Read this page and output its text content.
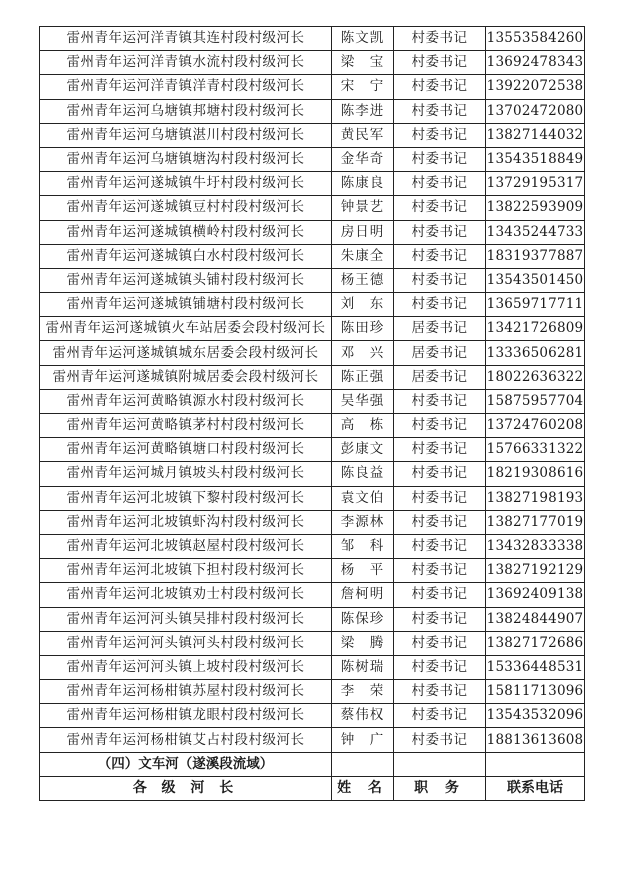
雷州青年运河洋青镇其连村段村级河长	陈文凯	村委书记	13553584260
雷州青年运河洋青镇水流村段村级河长	梁　宝	村委书记	13692478343
雷州青年运河洋青镇洋青村段村级河长	宋　宁	村委书记	13922072538
雷州青年运河乌塘镇邦塘村段村级河长	陈李进	村委书记	13702472080
雷州青年运河乌塘镇湛川村段村级河长	黄民军	村委书记	13827144032
雷州青年运河乌塘镇塘沟村段村级河长	金华奇	村委书记	13543518849
雷州青年运河遂城镇牛圩村段村级河长	陈康良	村委书记	13729195317
雷州青年运河遂城镇豆村村段村级河长	钟景艺	村委书记	13822593909
雷州青年运河遂城镇横岭村段村级河长	房日明	村委书记	13435244733
雷州青年运河遂城镇白水村段村级河长	朱康全	村委书记	18319377887
雷州青年运河遂城镇头铺村段村级河长	杨王德	村委书记	13543501450
雷州青年运河遂城镇铺塘村段村级河长	刘　东	村委书记	13659717711
雷州青年运河遂城镇火车站居委会段村级河长	陈田珍	居委书记	13421726809
雷州青年运河遂城镇城东居委会段村级河长	邓　兴	居委书记	13336506281
雷州青年运河遂城镇附城居委会段村级河长	陈正强	居委书记	18022636322
雷州青年运河黄略镇源水村段村级河长	吴华强	村委书记	15875957704
雷州青年运河黄略镇茅村村段村级河长	高　栋	村委书记	13724760208
雷州青年运河黄略镇塘口村段村级河长	彭康文	村委书记	15766331322
雷州青年运河城月镇坡头村段村级河长	陈良益	村委书记	18219308616
雷州青年运河北坡镇下黎村段村级河长	袁文伯	村委书记	13827198193
雷州青年运河北坡镇虾沟村段村级河长	李源林	村委书记	13827177019
雷州青年运河北坡镇赵屋村段村级河长	邹　科	村委书记	13432833338
雷州青年运河北坡镇下担村段村级河长	杨　平	村委书记	13827192129
雷州青年运河北坡镇劝士村段村级河长	詹柯明	村委书记	13692409138
雷州青年运河河头镇吴排村段村级河长	陈保珍	村委书记	13824844907
雷州青年运河河头镇河头村段村级河长	梁　腾	村委书记	13827172686
雷州青年运河河头镇上坡村段村级河长	陈树瑞	村委书记	15336448531
雷州青年运河杨柑镇苏屋村段村级河长	李　荣	村委书记	15811713096
雷州青年运河杨柑镇龙眼村段村级河长	蔡伟权	村委书记	13543532096
雷州青年运河杨柑镇艾占村段村级河长	钟　广	村委书记	18813613608
（四）文车河（遂溪段流域）			
各 级 河 长	姓 名	职 务	联系电话
